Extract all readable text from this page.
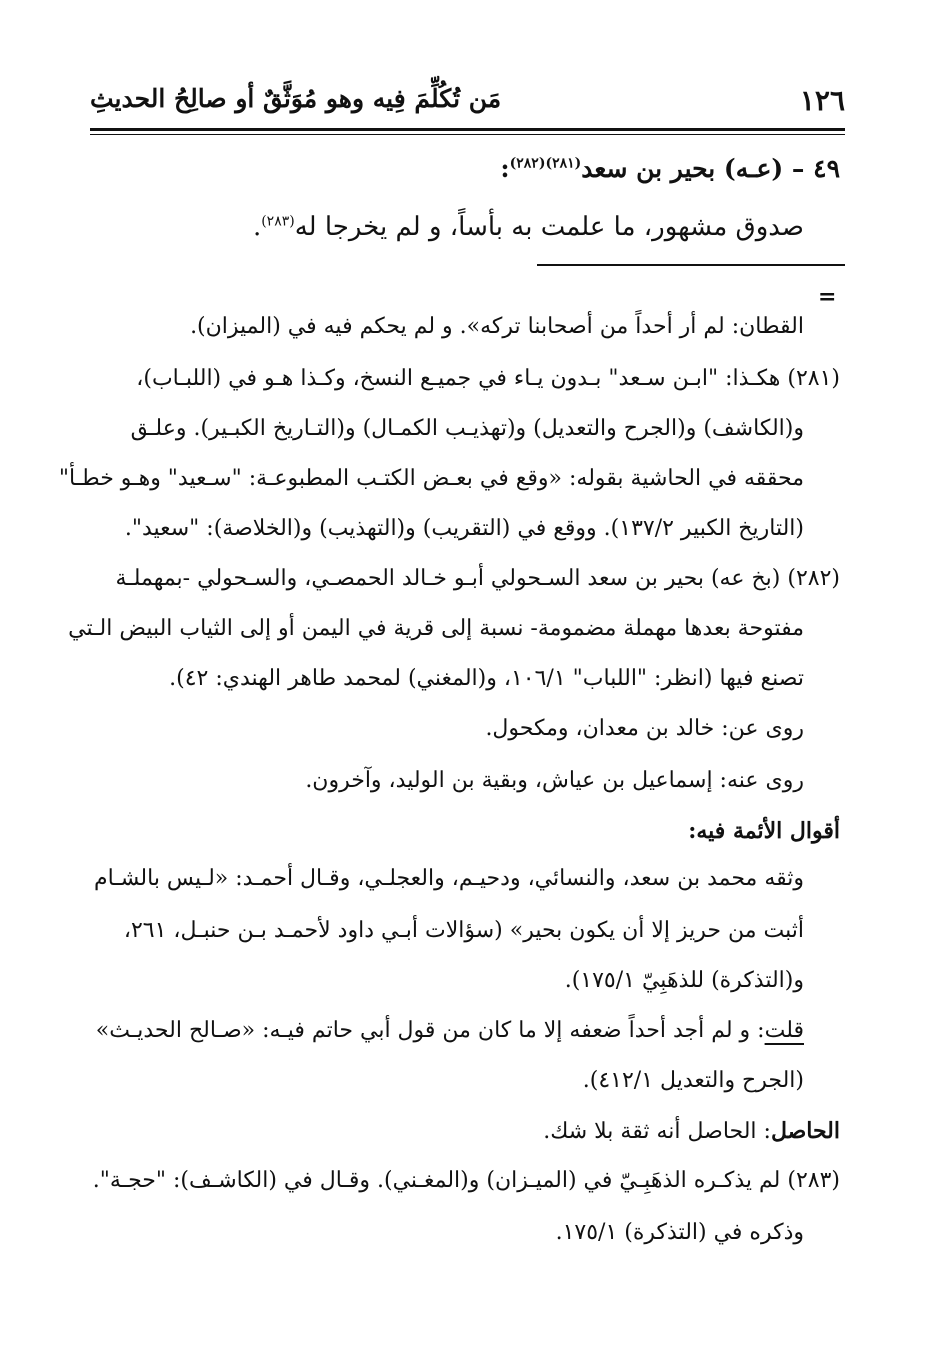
١٢٦
مَن تُكُلِّمَ فِيه وهو مُوَثَّقٌ أو صالِحُ الحديثِ
٤٩ – (عـه) بحير بن سعد$^{(٢٨١)(٢٨٢)}$:
صدوق مشهور، ما علمت به بأساً، و لم يخرجا له$^{(٢٨٣)}$.
=
القطان: لم أر أحداً من أصحابنا تركه». و لم يحكم فيه في (الميزان).
(٢٨١) هكـذا: "ابـن سـعد" بـدون يـاء في جميـع النسخ، وكـذا هـو في (اللبـاب)،
و(الكاشف) و(الجرح والتعديل) و(تهذيـب الكمـال) و(التـاريخ الكبـير). وعلـق
محققه في الحاشية بقوله: «وقع في بعـض الكتـب المطبوعـة: "سـعيد" وهـو خطـأ"
(التاريخ الكبير ١٣٧/٢). ووقع في (التقريب) و(التهذيب) و(الخلاصة): "سعيد".
(٢٨٢) (بخ عه) بحير بن سعد السـحولي أبـو خـالد الحمصـي، والسـحولي -بمهملـة
مفتوحة بعدها مهملة مضمومة- نسبة إلى قرية في اليمن أو إلى الثياب البيض الـتي
تصنع فيها (انظر: "اللباب" ١٠٦/١، و(المغني) لمحمد طاهر الهندي: ٤٢).
روى عن: خالد بن معدان، ومكحول.
روى عنه: إسماعيل بن عياش، وبقية بن الوليد، وآخرون.
أقوال الأئمة فيه:
وثقه محمد بن سعد، والنسائي، ودحيـم، والعجلـي، وقـال أحمـد: «لـيس بالشـام
أثبت من حريز إلا أن يكون بحير» (سؤالات أبـي داود لأحمـد بـن حنبـل، ٢٦١،
و(التذكرة) للذهَبِيّ ١٧٥/١).
قلت: و لم أجد أحداً ضعفه إلا ما كان من قول أبي حاتم فيـه: «صـالح الحديـث»
(الجرح والتعديل ٤١٢/١).
الحاصل: الحاصل أنه ثقة بلا شك.
(٢٨٣) لم يذكـره الذهَبِـيّ في (الميـزان) و(المغـني). وقـال في (الكاشـف): "حجـة".
وذكره في (التذكرة) ١٧٥/١.
